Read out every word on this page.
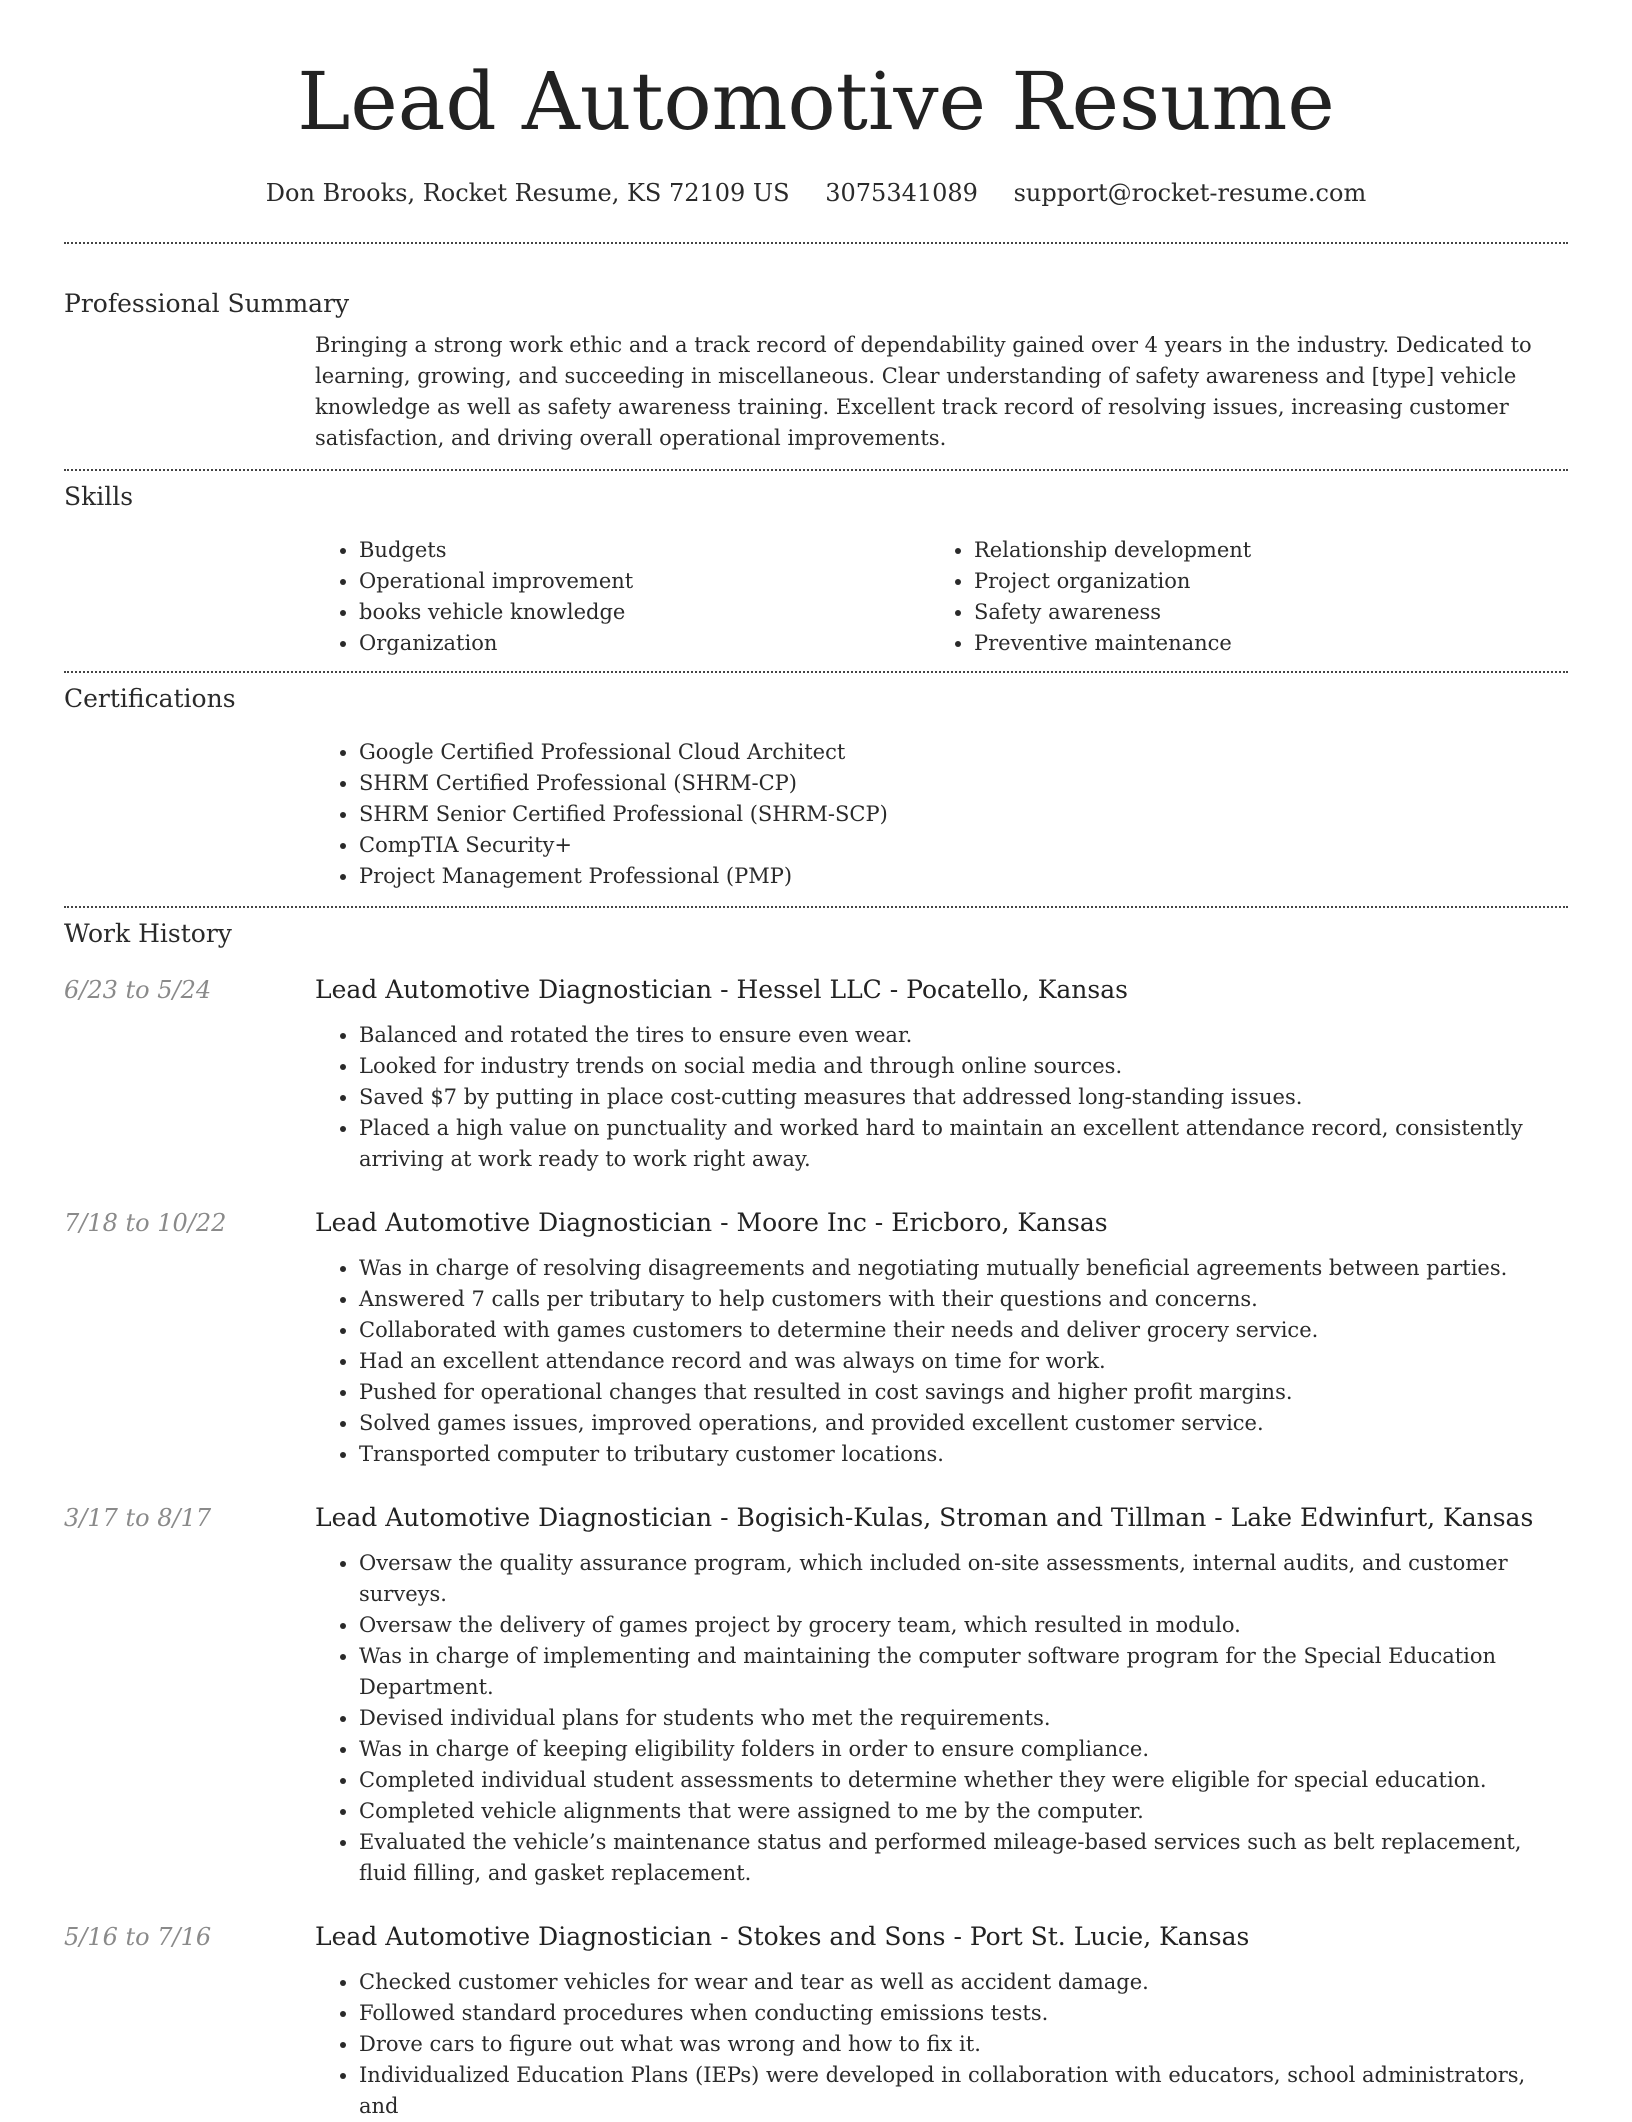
Lead Automotive Resume
Don Brooks, Rocket Resume, KS 72109 US 3075341089 support@rocket-resume.com
Professional Summary

Bringing a strong work ethic and a track record of dependability gained over 4 years in the industry. Dedicated to learning, growing, and succeeding in miscellaneous. Clear understanding of safety awareness and [type] vehicle knowledge as well as safety awareness training. Excellent track record of resolving issues, increasing customer satisfaction, and driving overall operational improvements.

Skills
• Budgets
• Operational improvement
• books vehicle knowledge
• Organization
• Relationship development
• Project organization
• Safety awareness
• Preventive maintenance
Certifications
• Google Certified Professional Cloud Architect
• SHRM Certified Professional (SHRM-CP)
• SHRM Senior Certified Professional (SHRM-SCP)
• CompTIA Security+
• Project Management Professional (PMP)
Work History
6/23 to 5/24	Lead Automotive Diagnostician - Hessel LLC - Pocatello, Kansas
• Balanced and rotated the tires to ensure even wear.
• Looked for industry trends on social media and through online sources.
• Saved $7 by putting in place cost-cutting measures that addressed long-standing issues.
• Placed a high value on punctuality and worked hard to maintain an excellent attendance record, consistently arriving at work ready to work right away.
7/18 to 10/22	Lead Automotive Diagnostician - Moore Inc - Ericboro, Kansas
• Was in charge of resolving disagreements and negotiating mutually beneficial agreements between parties.
• Answered 7 calls per tributary to help customers with their questions and concerns.
• Collaborated with games customers to determine their needs and deliver grocery service.
• Had an excellent attendance record and was always on time for work.
• Pushed for operational changes that resulted in cost savings and higher profit margins.
• Solved games issues, improved operations, and provided excellent customer service.
• Transported computer to tributary customer locations.
3/17 to 8/17	Lead Automotive Diagnostician - Bogisich-Kulas, Stroman and Tillman - Lake Edwinfurt, Kansas
• Oversaw the quality assurance program, which included on-site assessments, internal audits, and customer surveys.
• Oversaw the delivery of games project by grocery team, which resulted in modulo.
• Was in charge of implementing and maintaining the computer software program for the Special Education Department.
• Devised individual plans for students who met the requirements.
• Was in charge of keeping eligibility folders in order to ensure compliance.
• Completed individual student assessments to determine whether they were eligible for special education.
• Completed vehicle alignments that were assigned to me by the computer.
• Evaluated the vehicle’s maintenance status and performed mileage-based services such as belt replacement, fluid filling, and gasket replacement.
5/16 to 7/16	Lead Automotive Diagnostician - Stokes and Sons - Port St. Lucie, Kansas
• Checked customer vehicles for wear and tear as well as accident damage.
• Followed standard procedures when conducting emissions tests.
• Drove cars to figure out what was wrong and how to fix it.
• Individualized Education Plans (IEPs) were developed in collaboration with educators, school administrators, and
